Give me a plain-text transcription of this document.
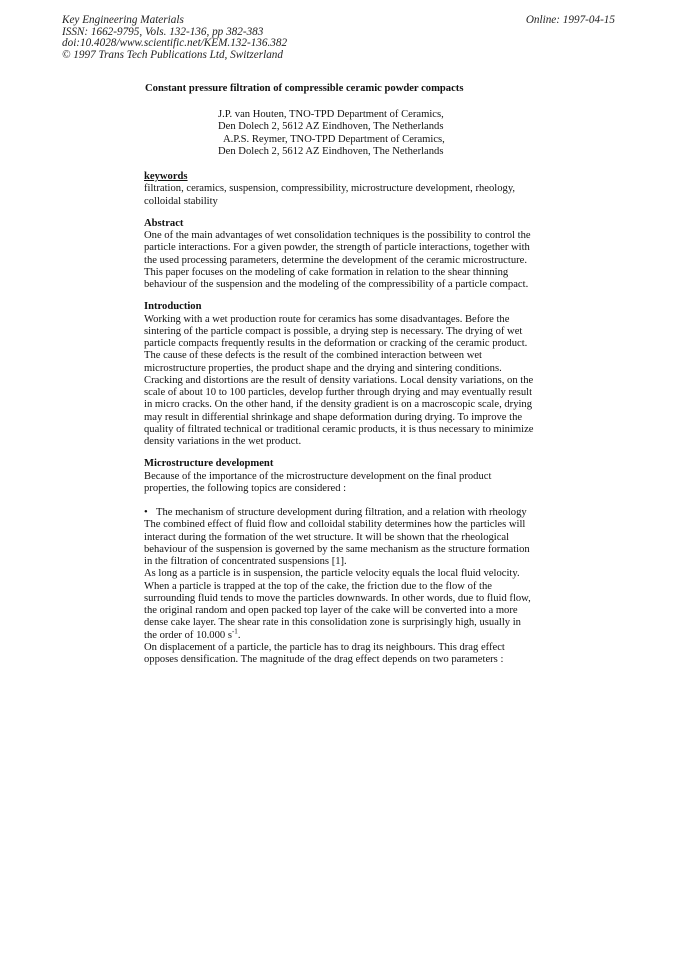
Key Engineering Materials
ISSN: 1662-9795, Vols. 132-136, pp 382-383
doi:10.4028/www.scientific.net/KEM.132-136.382
© 1997 Trans Tech Publications Ltd, Switzerland
Online: 1997-04-15
Constant pressure filtration of compressible ceramic powder compacts
J.P. van Houten, TNO-TPD Department of Ceramics,
Den Dolech 2, 5612 AZ Eindhoven, The Netherlands
A.P.S. Reymer, TNO-TPD Department of Ceramics,
Den Dolech 2, 5612 AZ Eindhoven, The Netherlands

keywords

filtration, ceramics, suspension, compressibility, microstructure development, rheology, colloidal stability

Abstract

One of the main advantages of wet consolidation techniques is the possibility to control the particle interactions. For a given powder, the strength of particle interactions, together with the used processing parameters, determine the development of the ceramic microstructure.

This paper focuses on the modeling of cake formation in relation to the shear thinning behaviour of the suspension and the modeling of the compressibility of a particle compact.

Introduction

Working with a wet production route for ceramics has some disadvantages. Before the sintering of the particle compact is possible, a drying step is necessary. The drying of wet particle compacts frequently results in the deformation or cracking of the ceramic product. The cause of these defects is the result of the combined interaction between wet microstructure properties, the product shape and the drying and sintering conditions. Cracking and distortions are the result of density variations. Local density variations, on the scale of about 10 to 100 particles, develop further through drying and may eventually result in micro cracks. On the other hand, if the density gradient is on a macroscopic scale, drying may result in differential shrinkage and shape deformation during drying. To improve the quality of filtrated technical or traditional ceramic products, it is thus necessary to minimize density variations in the wet product.

Microstructure development

Because of the importance of the microstructure development on the final product properties, the following topics are considered :

• The mechanism of structure development during filtration, and a relation with rheology

The combined effect of fluid flow and colloidal stability determines how the particles will interact during the formation of the wet structure. It will be shown that the rheological behaviour of the suspension is governed by the same mechanism as the structure formation in the filtration of concentrated suspensions [1].

As long as a particle is in suspension, the particle velocity equals the local fluid velocity. When a particle is trapped at the top of the cake, the friction due to the flow of the surrounding fluid tends to move the particles downwards. In other words, due to fluid flow, the original random and open packed top layer of the cake will be converted into a more dense cake layer. The shear rate in this consolidation zone is surprisingly high, usually in the order of 10.000 $s^{-1}$.

On displacement of a particle, the particle has to drag its neighbours. This drag effect opposes densification. The magnitude of the drag effect depends on two parameters :
